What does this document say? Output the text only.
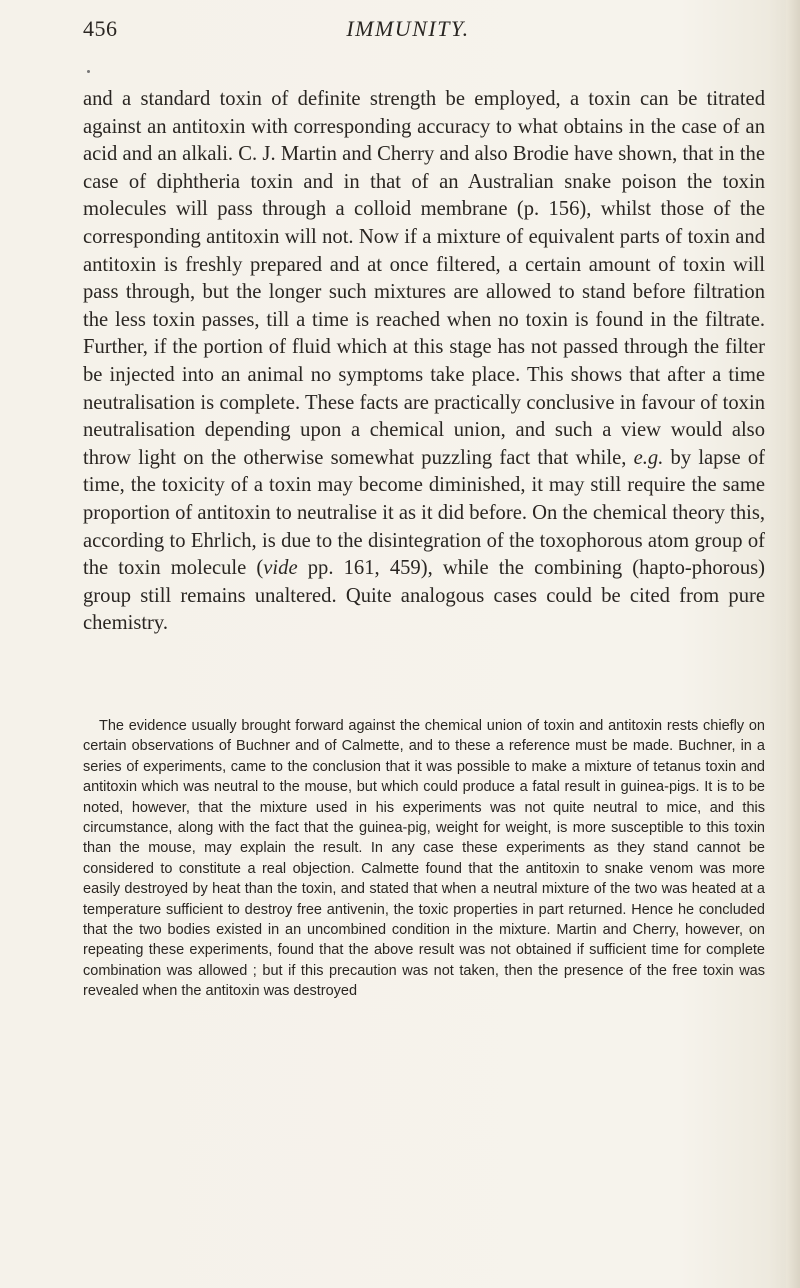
456	IMMUNITY.

and a standard toxin of definite strength be employed, a toxin can be titrated against an antitoxin with corresponding accuracy to what obtains in the case of an acid and an alkali. C. J. Martin and Cherry and also Brodie have shown, that in the case of diphtheria toxin and in that of an Australian snake poison the toxin molecules will pass through a colloid membrane (p. 156), whilst those of the corresponding antitoxin will not. Now if a mixture of equivalent parts of toxin and antitoxin is freshly prepared and at once filtered, a certain amount of toxin will pass through, but the longer such mixtures are allowed to stand before filtration the less toxin passes, till a time is reached when no toxin is found in the filtrate. Further, if the portion of fluid which at this stage has not passed through the filter be injected into an animal no symptoms take place. This shows that after a time neutralisation is complete. These facts are practically conclusive in favour of toxin neutralisation depending upon a chemical union, and such a view would also throw light on the otherwise somewhat puzzling fact that while, e.g. by lapse of time, the toxicity of a toxin may become diminished, it may still require the same proportion of antitoxin to neutralise it as it did before. On the chemical theory this, according to Ehrlich, is due to the disintegration of the toxophorous atom group of the toxin molecule (vide pp. 161, 459), while the combining (hapto-phorous) group still remains unaltered. Quite analogous cases could be cited from pure chemistry.

The evidence usually brought forward against the chemical union of toxin and antitoxin rests chiefly on certain observations of Buchner and of Calmette, and to these a reference must be made. Buchner, in a series of experiments, came to the conclusion that it was possible to make a mixture of tetanus toxin and antitoxin which was neutral to the mouse, but which could produce a fatal result in guinea-pigs. It is to be noted, however, that the mixture used in his experiments was not quite neutral to mice, and this circumstance, along with the fact that the guinea-pig, weight for weight, is more susceptible to this toxin than the mouse, may explain the result. In any case these experiments as they stand cannot be considered to constitute a real objection. Calmette found that the antitoxin to snake venom was more easily destroyed by heat than the toxin, and stated that when a neutral mixture of the two was heated at a temperature sufficient to destroy free antivenin, the toxic properties in part returned. Hence he concluded that the two bodies existed in an uncombined condition in the mixture. Martin and Cherry, however, on repeating these experiments, found that the above result was not obtained if sufficient time for complete combination was allowed ; but if this precaution was not taken, then the presence of the free toxin was revealed when the antitoxin was destroyed
